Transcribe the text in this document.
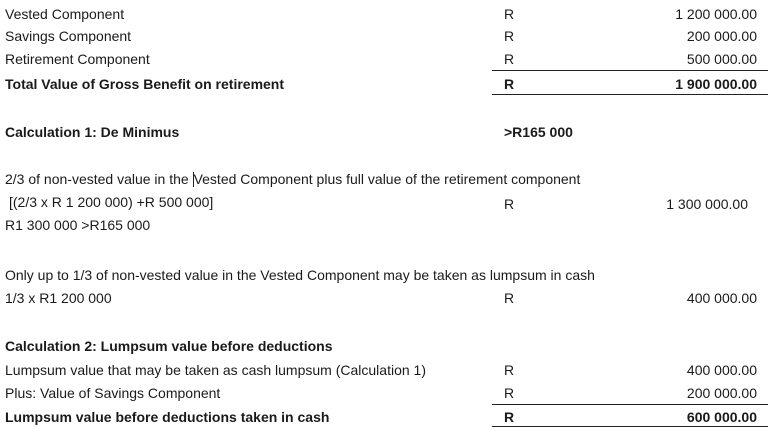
Vested Component	R	1 200 000.00
Savings Component	R	200 000.00
Retirement Component	R	500 000.00
Total Value of Gross Benefit on retirement	R	1 900 000.00
Calculation 1: De Minimus	>R165 000
2/3 of non-vested value in the Vested Component plus full value of the retirement component
[(2/3 x R 1 200 000) +R 500 000]	R	1 300 000.00
R1 300 000 >R165 000
Only up to 1/3 of non-vested value in the Vested Component may be taken as lumpsum in cash
1/3 x R1 200 000	R	400 000.00
Calculation 2: Lumpsum value before deductions
Lumpsum value that may be taken as cash lumpsum (Calculation 1)	R	400 000.00
Plus: Value of Savings Component	R	200 000.00
Lumpsum value before deductions taken in cash	R	600 000.00
